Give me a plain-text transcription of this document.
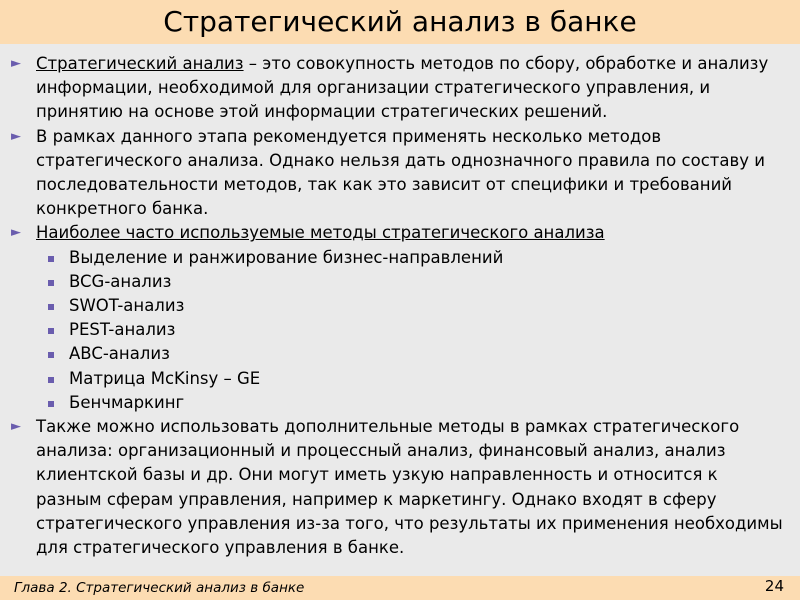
Стратегический анализ в банке
► Стратегический анализ – это совокупность методов по сбору, обработке и анализу информации, необходимой для организации стратегического управления, и принятию на основе этой информации стратегических решений.
► В рамках данного этапа рекомендуется применять несколько методов стратегического анализа. Однако нельзя дать однозначного правила по составу и последовательности методов, так как это зависит от специфики и требований конкретного банка.
► Наиболее часто используемые методы стратегического анализа
Выделение и ранжирование бизнес-направлений
BCG-анализ
SWOT-анализ
PEST-анализ
ABC-анализ
Матрица McKinsy – GE
Бенчмаркинг
► Также можно использовать дополнительные методы в рамках стратегического анализа: организационный и процессный анализ, финансовый анализ, анализ клиентской базы и др. Они могут иметь узкую направленность и относится к разным сферам управления, например к маркетингу. Однако входят в сферу стратегического управления из-за того, что результаты их применения необходимы для стратегического управления в банке.
Глава 2. Стратегический анализ в банке	24
